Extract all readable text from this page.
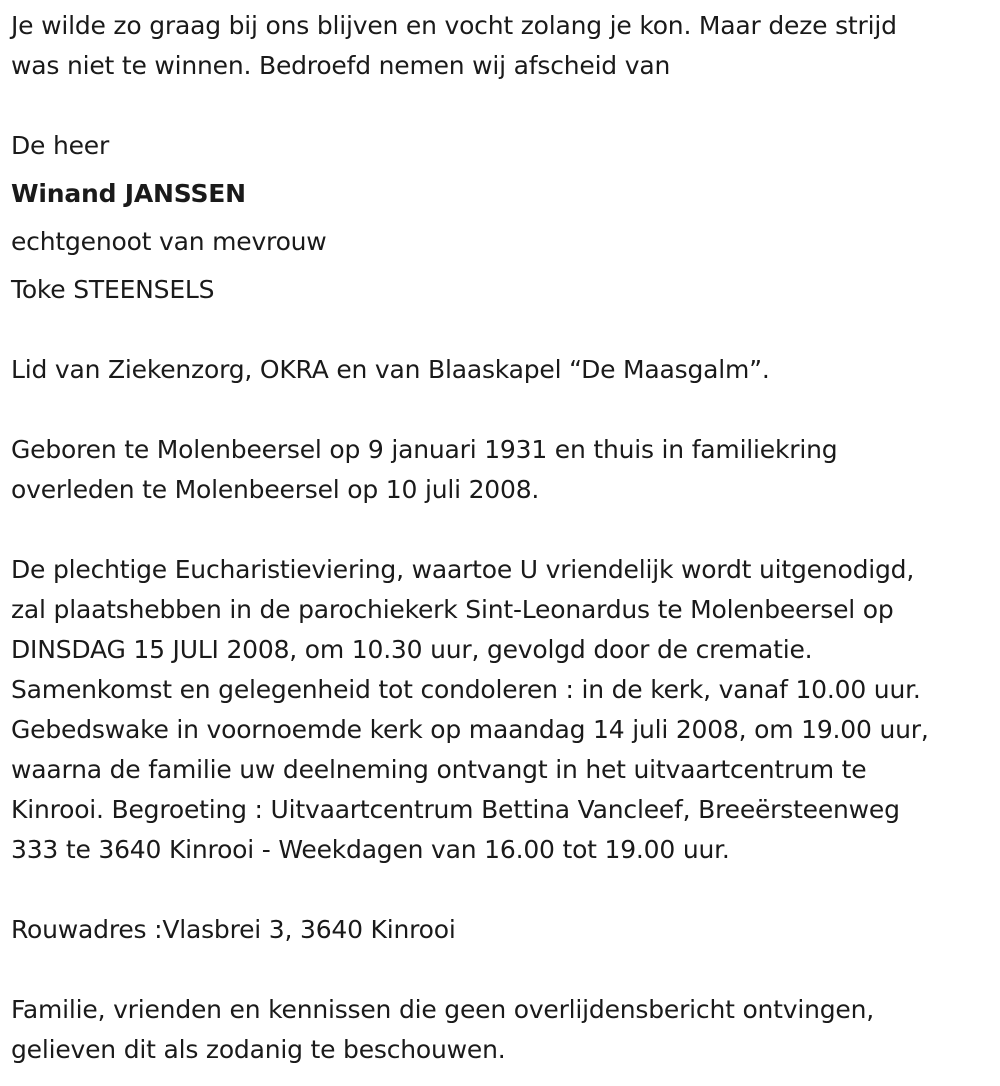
Je wilde zo graag bij ons blijven en vocht zolang je kon. Maar deze strijd
was niet te winnen. Bedroefd nemen wij afscheid van

De heer
Winand JANSSEN
echtgenoot van mevrouw
Toke STEENSELS

Lid van Ziekenzorg, OKRA en van Blaaskapel “De Maasgalm”.

Geboren te Molenbeersel op 9 januari 1931 en thuis in familiekring
overleden te Molenbeersel op 10 juli 2008.

De plechtige Eucharistieviering, waartoe U vriendelijk wordt uitgenodigd,
zal plaatshebben in de parochiekerk Sint-Leonardus te Molenbeersel op
DINSDAG 15 JULI 2008, om 10.30 uur, gevolgd door de crematie.
Samenkomst en gelegenheid tot condoleren : in de kerk, vanaf 10.00 uur.
Gebedswake in voornoemde kerk op maandag 14 juli 2008, om 19.00 uur,
waarna de familie uw deelneming ontvangt in het uitvaartcentrum te
Kinrooi. Begroeting : Uitvaartcentrum Bettina Vancleef, Breeërsteenweg
333 te 3640 Kinrooi - Weekdagen van 16.00 tot 19.00 uur.

Rouwadres :Vlasbrei 3, 3640 Kinrooi

Familie, vrienden en kennissen die geen overlijdensbericht ontvingen,
gelieven dit als zodanig te beschouwen.
